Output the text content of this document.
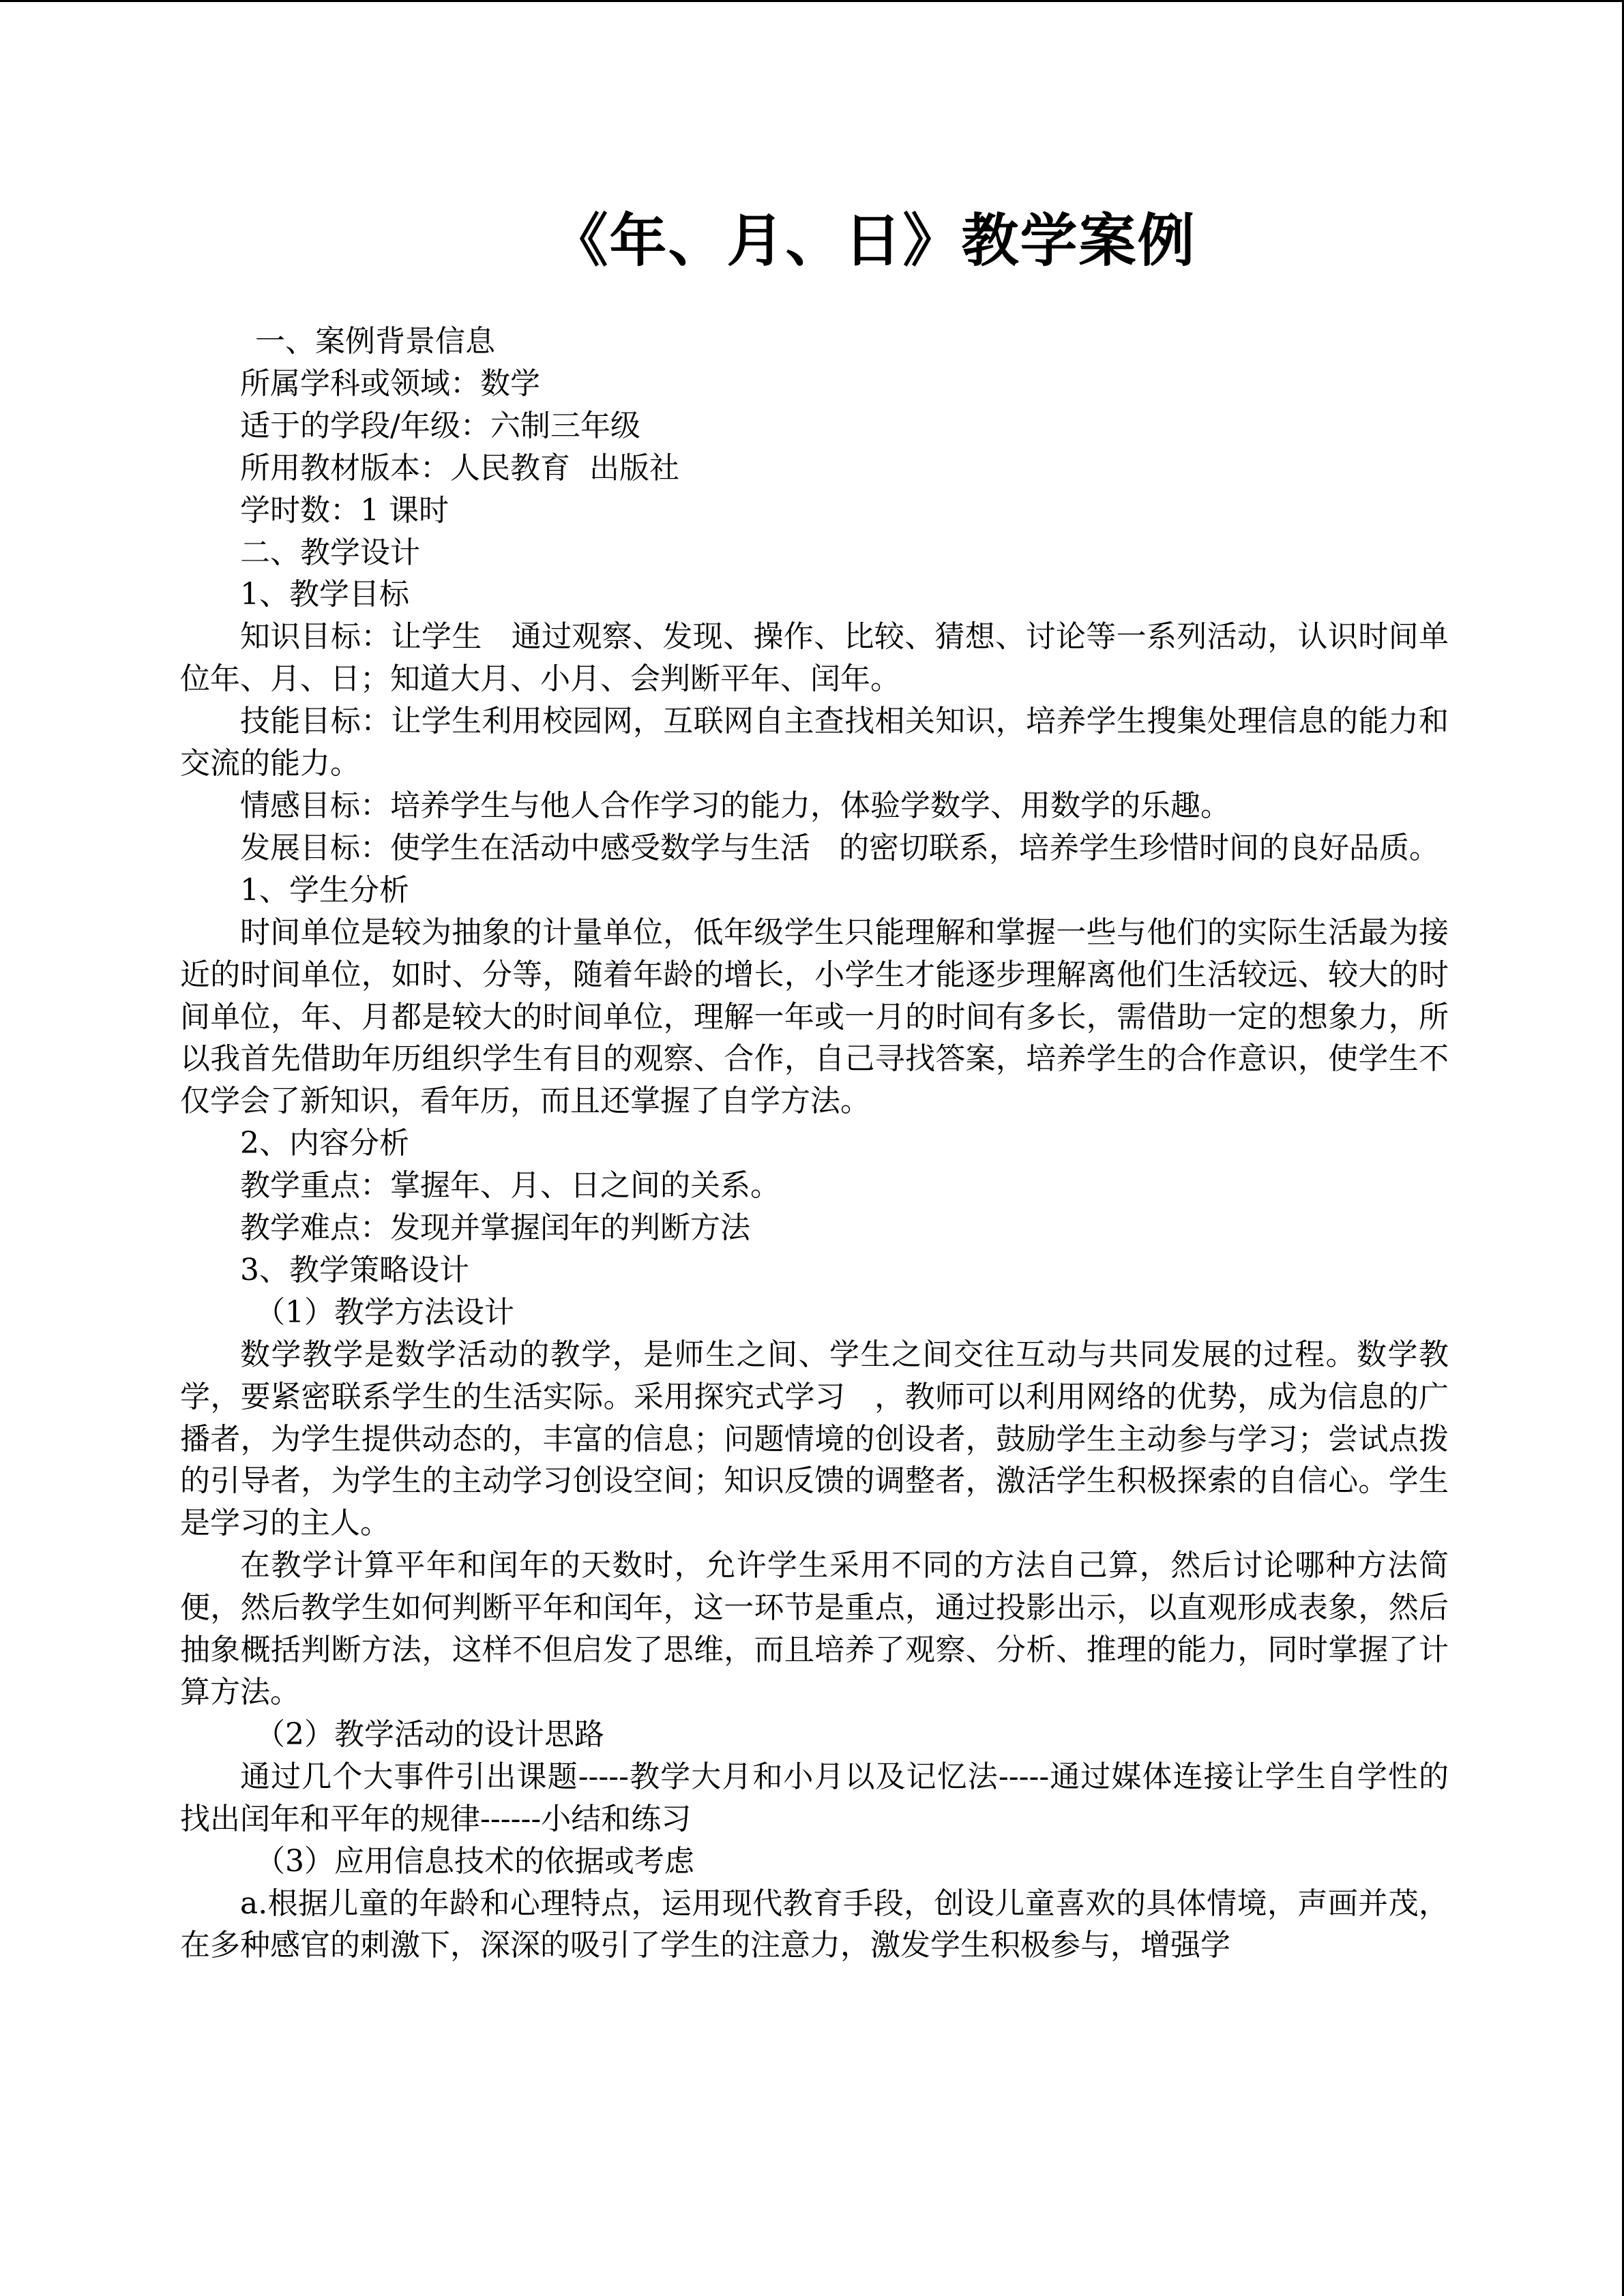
《年、月、日》教学案例

一、案例背景信息

所属学科或领域：数学

适于的学段/年级：六制三年级

所用教材版本：人民教育  出版社

学时数：1 课时

二、教学设计

1、教学目标

知识目标：让学生   通过观察、发现、操作、比较、猜想、讨论等一系列活动，认识时间单位年、月、日；知道大月、小月、会判断平年、闰年。

技能目标：让学生利用校园网，互联网自主查找相关知识，培养学生搜集处理信息的能力和交流的能力。

情感目标：培养学生与他人合作学习的能力，体验学数学、用数学的乐趣。

发展目标：使学生在活动中感受数学与生活   的密切联系，培养学生珍惜时间的良好品质。

1、学生分析

时间单位是较为抽象的计量单位，低年级学生只能理解和掌握一些与他们的实际生活最为接近的时间单位，如时、分等，随着年龄的增长，小学生才能逐步理解离他们生活较远、较大的时间单位，年、月都是较大的时间单位，理解一年或一月的时间有多长，需借助一定的想象力，所以我首先借助年历组织学生有目的观察、合作，自己寻找答案，培养学生的合作意识，使学生不仅学会了新知识，看年历，而且还掌握了自学方法。

2、内容分析

教学重点：掌握年、月、日之间的关系。

教学难点：发现并掌握闰年的判断方法

3、教学策略设计

（1）教学方法设计

数学教学是数学活动的教学，是师生之间、学生之间交往互动与共同发展的过程。数学教学，要紧密联系学生的生活实际。采用探究式学习   ，教师可以利用网络的优势，成为信息的广播者，为学生提供动态的，丰富的信息；问题情境的创设者，鼓励学生主动参与学习；尝试点拨的引导者，为学生的主动学习创设空间；知识反馈的调整者，激活学生积极探索的自信心。学生是学习的主人。

在教学计算平年和闰年的天数时，允许学生采用不同的方法自己算，然后讨论哪种方法简便，然后教学生如何判断平年和闰年，这一环节是重点，通过投影出示，以直观形成表象，然后抽象概括判断方法，这样不但启发了思维，而且培养了观察、分析、推理的能力，同时掌握了计算方法。

（2）教学活动的设计思路

通过几个大事件引出课题-----教学大月和小月以及记忆法-----通过媒体连接让学生自学性的找出闰年和平年的规律------小结和练习

（3）应用信息技术的依据或考虑

a.根据儿童的年龄和心理特点，运用现代教育手段，创设儿童喜欢的具体情境，声画并茂，在多种感官的刺激下，深深的吸引了学生的注意力，激发学生积极参与，增强学
